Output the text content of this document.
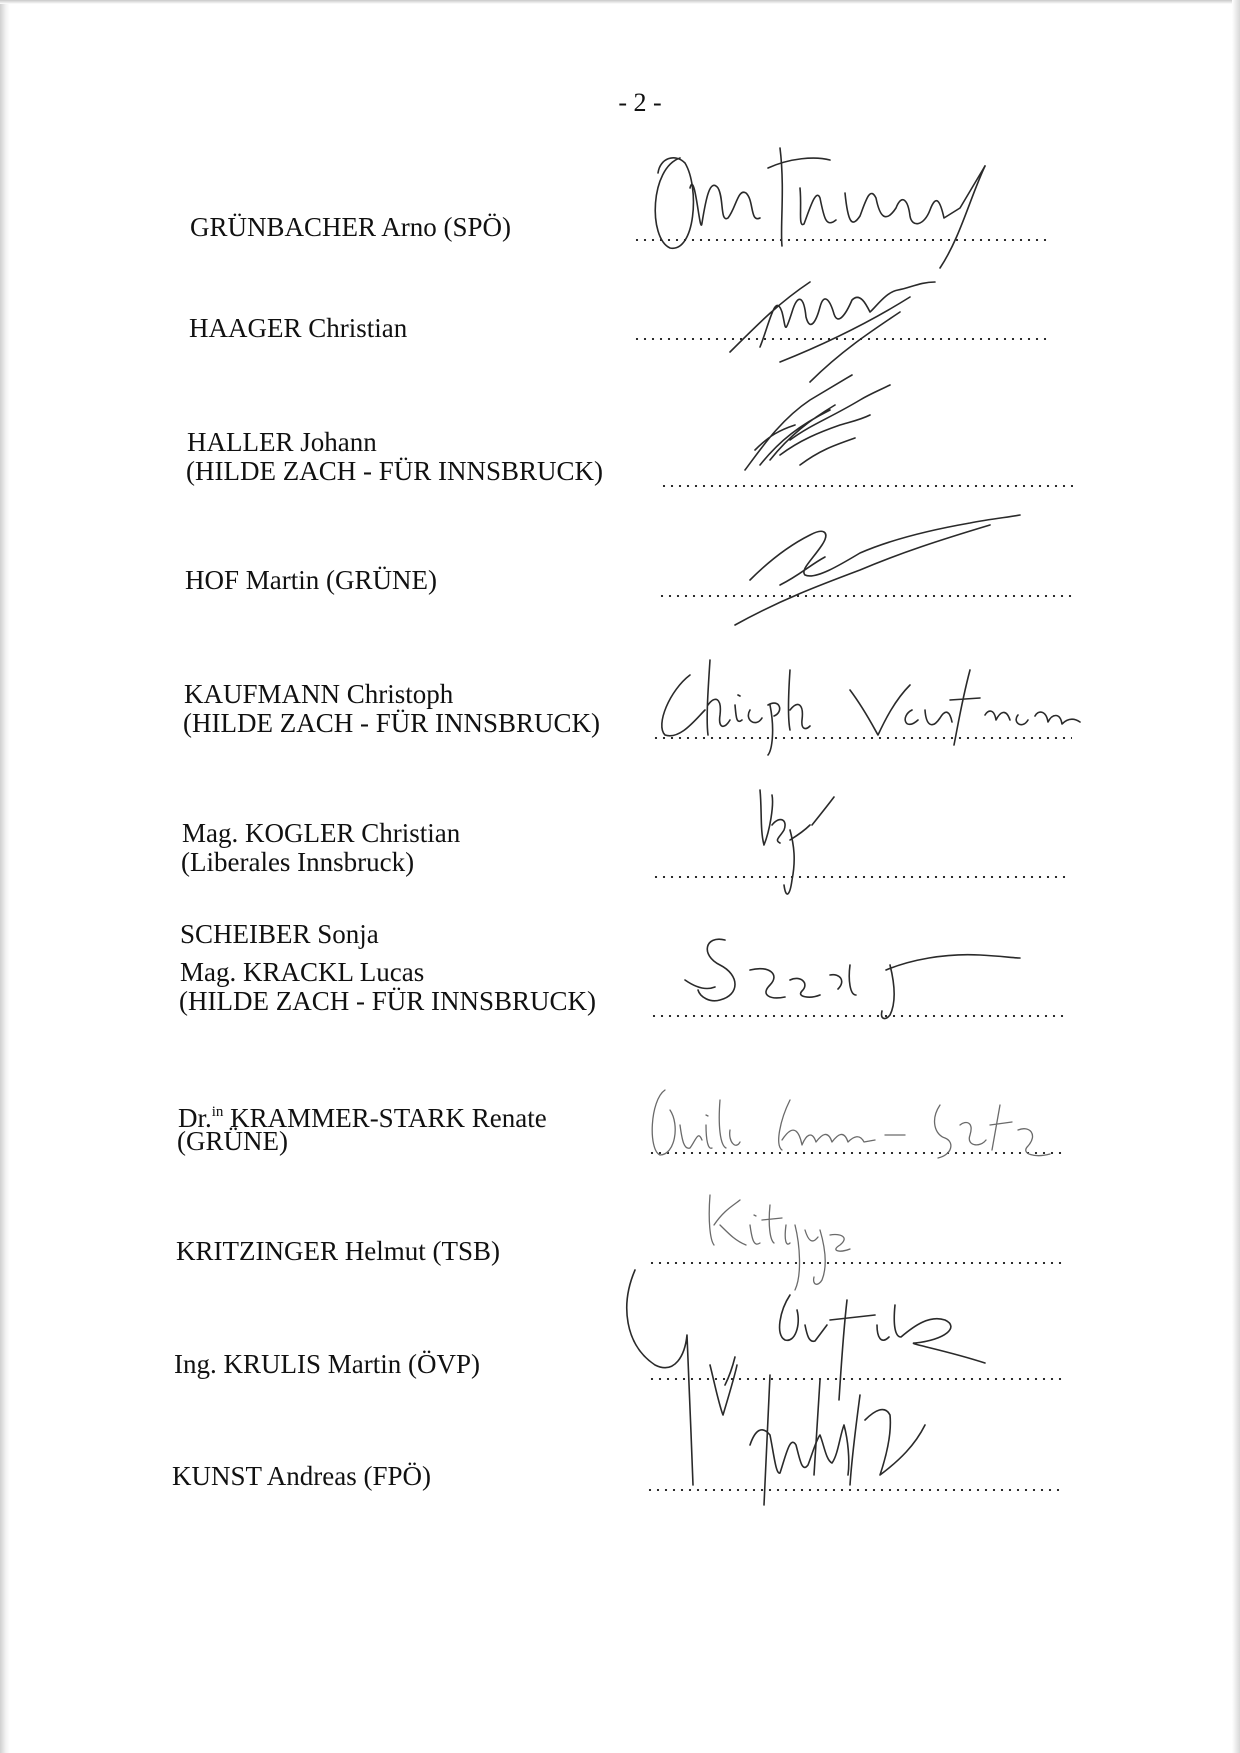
- 2 -
GRÜNBACHER Arno (SPÖ)
HAAGER Christian
HALLER Johann
(HILDE ZACH - FÜR INNSBRUCK)
HOF Martin (GRÜNE)
KAUFMANN Christoph
(HILDE ZACH - FÜR INNSBRUCK)
Mag. KOGLER Christian
(Liberales Innsbruck)
SCHEIBER Sonja
Mag. KRACKL Lucas
(HILDE ZACH - FÜR INNSBRUCK)
Dr.$^{in}$ KRAMMER-STARK Renate
(GRÜNE)
KRITZINGER Helmut (TSB)
Ing. KRULIS Martin (ÖVP)
KUNST Andreas (FPÖ)
